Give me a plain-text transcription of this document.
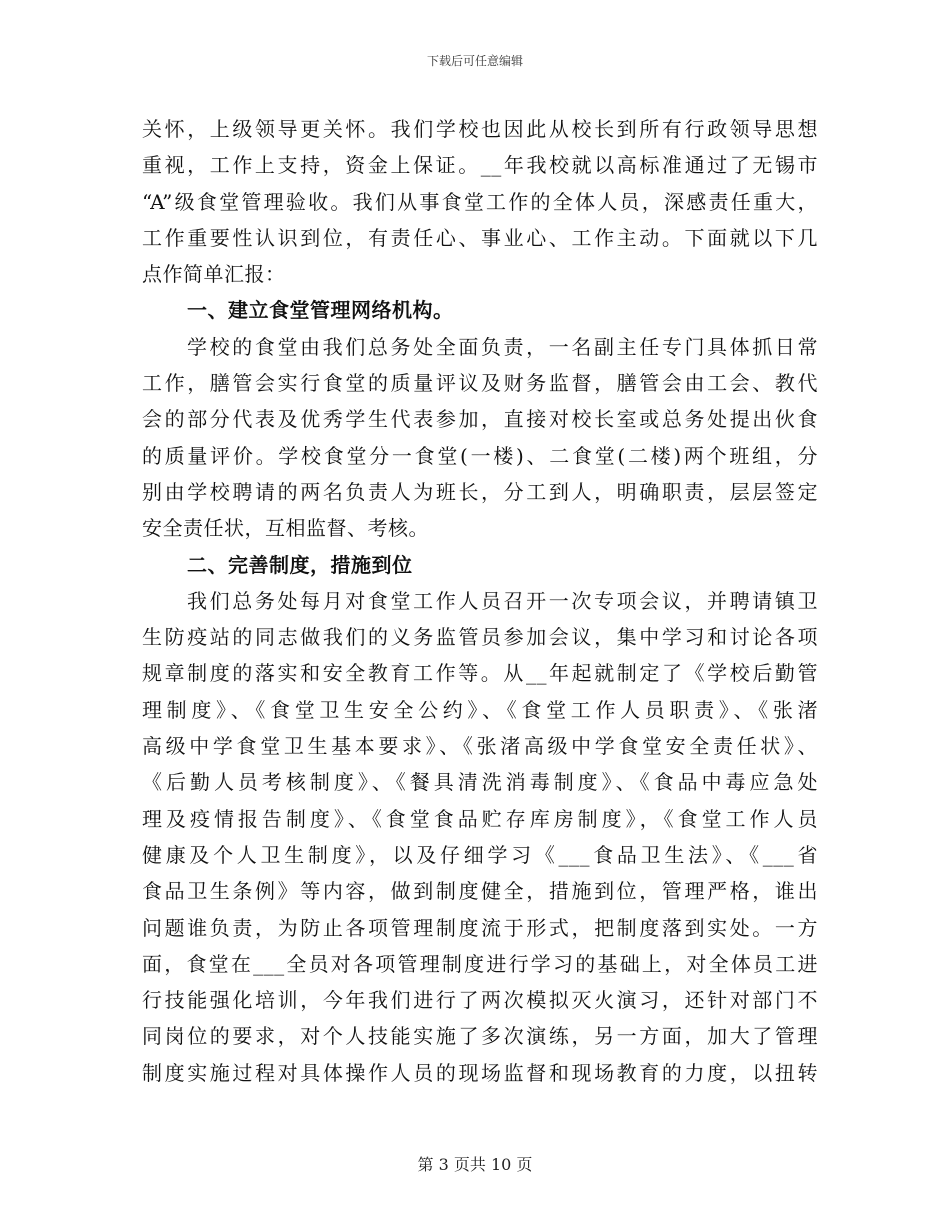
下载后可任意编辑
关怀，上级领导更关怀。我们学校也因此从校长到所有行政领导思想
重视，工作上支持，资金上保证。__年我校就以高标准通过了无锡市
“A”级食堂管理验收。我们从事食堂工作的全体人员，深感责任重大，
工作重要性认识到位，有责任心、事业心、工作主动。下面就以下几
点作简单汇报：
一、建立食堂管理网络机构。
学校的食堂由我们总务处全面负责，一名副主任专门具体抓日常
工作，膳管会实行食堂的质量评议及财务监督，膳管会由工会、教代
会的部分代表及优秀学生代表参加，直接对校长室或总务处提出伙食
的质量评价。学校食堂分一食堂(一楼)、二食堂(二楼)两个班组，分
别由学校聘请的两名负责人为班长，分工到人，明确职责，层层签定
安全责任状，互相监督、考核。
二、完善制度，措施到位
我们总务处每月对食堂工作人员召开一次专项会议，并聘请镇卫
生防疫站的同志做我们的义务监管员参加会议，集中学习和讨论各项
规章制度的落实和安全教育工作等。从__年起就制定了《学校后勤管
理制度》、《食堂卫生安全公约》、《食堂工作人员职责》、《张渚
高级中学食堂卫生基本要求》、《张渚高级中学食堂安全责任状》、
《后勤人员考核制度》、《餐具清洗消毒制度》、《食品中毒应急处
理及疫情报告制度》、《食堂食品贮存库房制度》，《食堂工作人员
健康及个人卫生制度》，以及仔细学习《___食品卫生法》、《___省
食品卫生条例》等内容，做到制度健全，措施到位，管理严格，谁出
问题谁负责，为防止各项管理制度流于形式，把制度落到实处。一方
面，食堂在___全员对各项管理制度进行学习的基础上，对全体员工进
行技能强化培训，今年我们进行了两次模拟灭火演习，还针对部门不
同岗位的要求，对个人技能实施了多次演练，另一方面，加大了管理
制度实施过程对具体操作人员的现场监督和现场教育的力度，以扭转
第 3 页共 10 页
